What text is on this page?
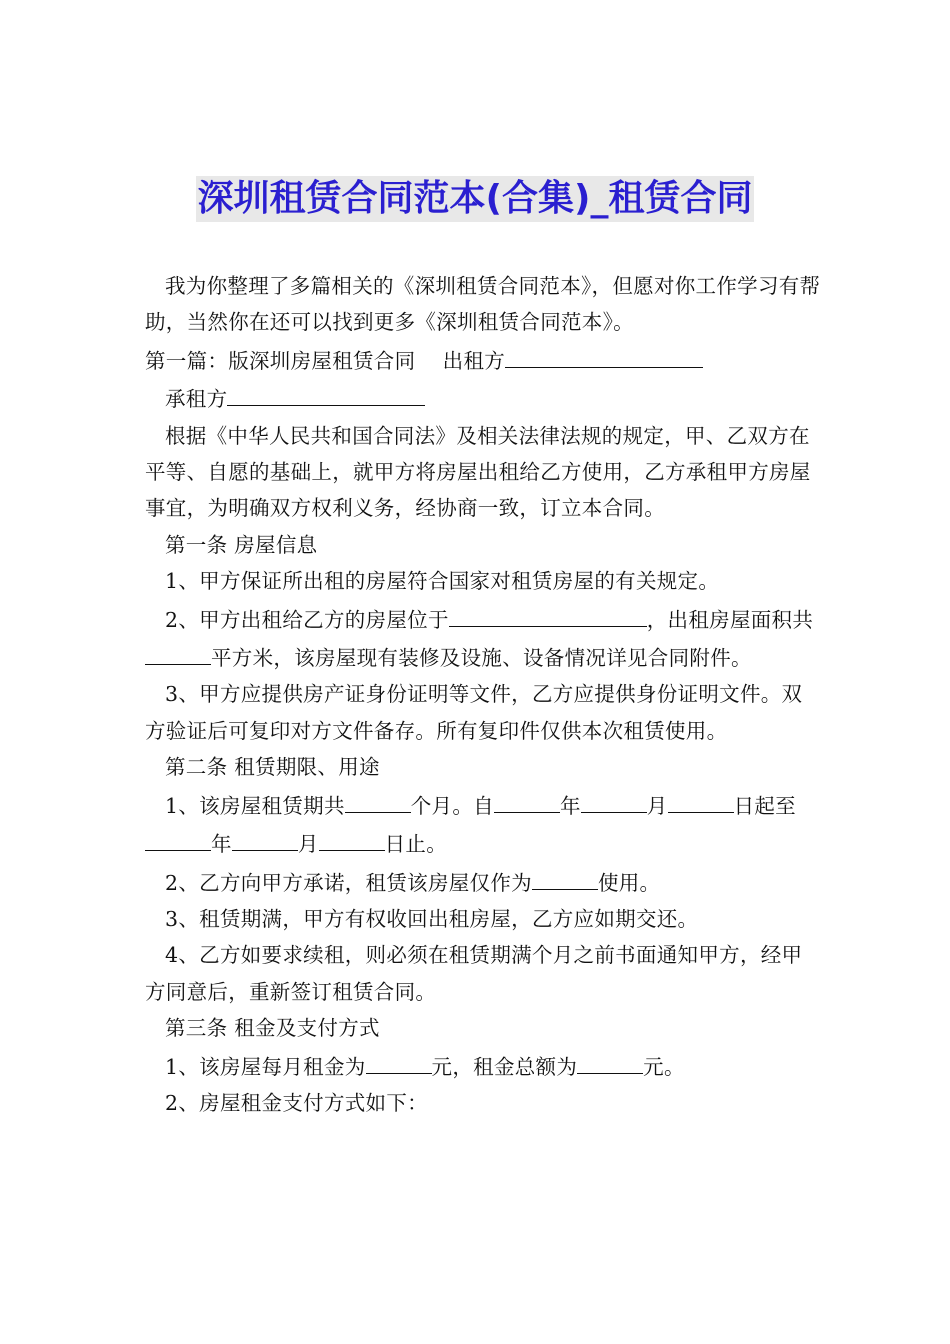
深圳租赁合同范本(合集)_租赁合同

我为你整理了多篇相关的《深圳租赁合同范本》，但愿对你工作学习有帮助，当然你在还可以找到更多《深圳租赁合同范本》。

第一篇：版深圳房屋租赁合同 出租方

承租方

根据《中华人民共和国合同法》及相关法律法规的规定，甲、乙双方在平等、自愿的基础上，就甲方将房屋出租给乙方使用，乙方承租甲方房屋事宜，为明确双方权利义务，经协商一致，订立本合同。

第一条 房屋信息

1、甲方保证所出租的房屋符合国家对租赁房屋的有关规定。

2、甲方出租给乙方的房屋位于	，出租房屋面积共平方米，该房屋现有装修及设施、设备情况详见合同附件。

3、甲方应提供房产证身份证明等文件，乙方应提供身份证明文件。双方验证后可复印对方文件备存。所有复印件仅供本次租赁使用。

第二条 租赁期限、用途

1、该房屋租赁期共	个月。自	年	月	日起至年	月	日止。

2、乙方向甲方承诺，租赁该房屋仅作为	使用。

3、租赁期满，甲方有权收回出租房屋，乙方应如期交还。

4、乙方如要求续租，则必须在租赁期满个月之前书面通知甲方，经甲方同意后，重新签订租赁合同。

第三条 租金及支付方式

1、该房屋每月租金为	元，租金总额为	元。

2、房屋租金支付方式如下：
